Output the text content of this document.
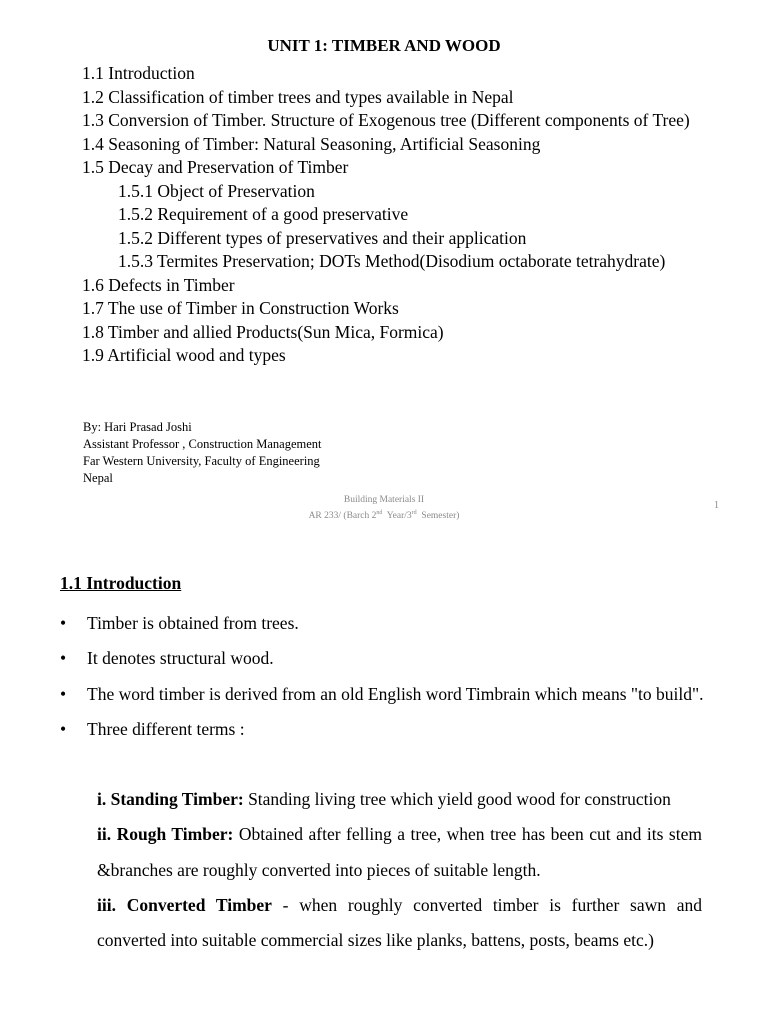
UNIT 1: TIMBER AND WOOD
1.1 Introduction
1.2 Classification of timber trees and types available in Nepal
1.3 Conversion of Timber. Structure of Exogenous tree (Different components of Tree)
1.4 Seasoning of Timber: Natural Seasoning, Artificial Seasoning
1.5 Decay and Preservation of Timber
1.5.1 Object of Preservation
1.5.2 Requirement of a good preservative
1.5.2 Different types of preservatives and their application
1.5.3 Termites Preservation; DOTs Method(Disodium octaborate tetrahydrate)
1.6 Defects in Timber
1.7 The use of Timber in Construction Works
1.8 Timber and allied Products(Sun Mica, Formica)
1.9 Artificial wood and types
By: Hari Prasad Joshi
Assistant Professor , Construction Management
Far Western University, Faculty of Engineering
Nepal
Building Materials II
AR 233/ (Barch 2nd  Year/3rd  Semester)
1
1.1 Introduction
• Timber is obtained from trees.
• It denotes structural wood.
• The word timber is derived from an old English word Timbrain which means "to build".
• Three different terms :
i. Standing Timber: Standing living tree which yield good wood for construction
ii. Rough Timber: Obtained after felling a tree, when tree has been cut and its stem &branches are roughly converted into pieces of suitable length.
iii. Converted Timber - when roughly converted timber is further sawn and converted into suitable commercial sizes like planks, battens, posts, beams etc.)
